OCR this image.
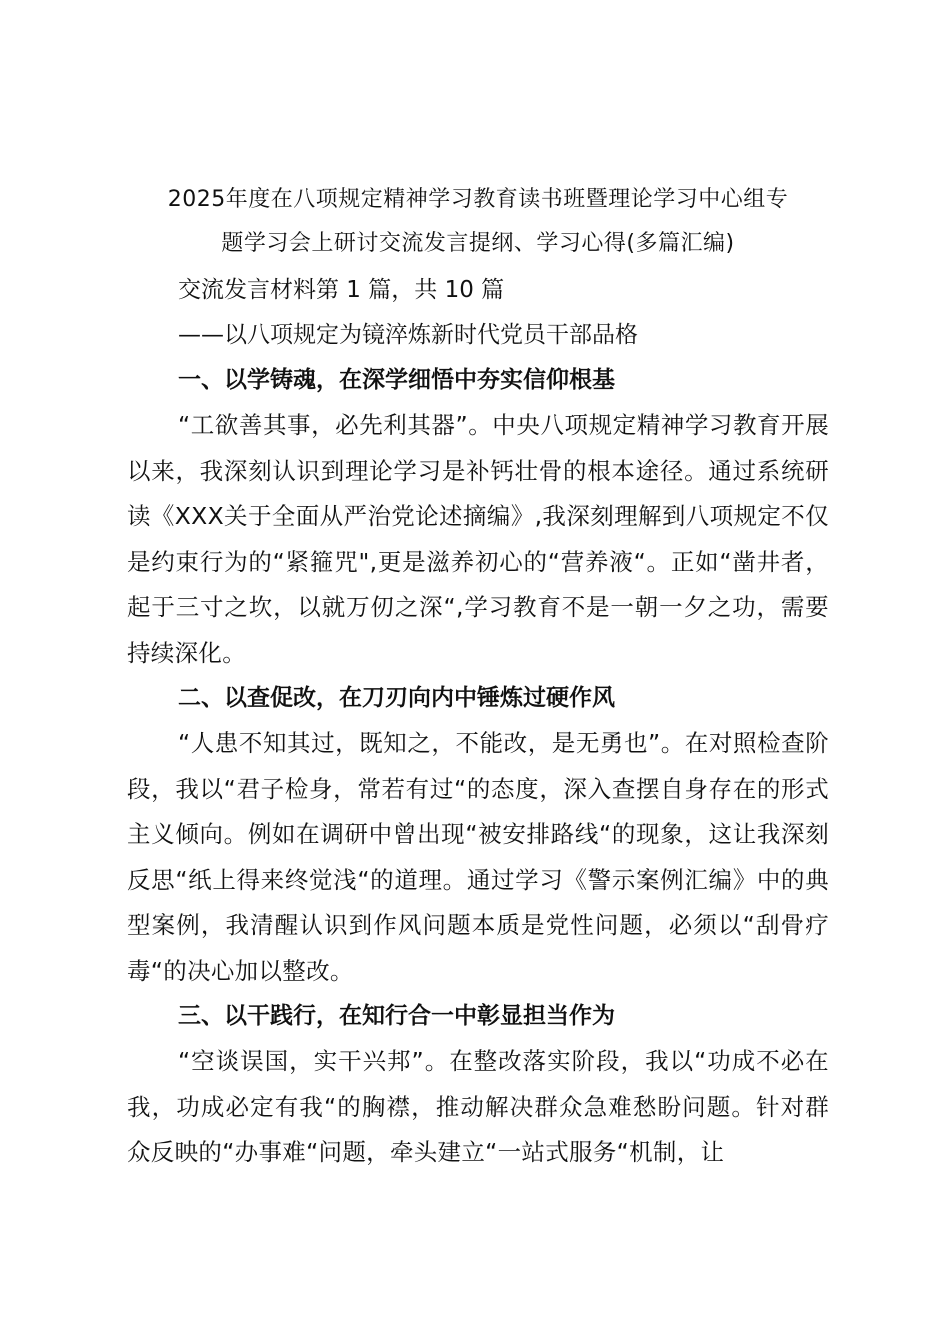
2025年度在八项规定精神学习教育读书班暨理论学习中心组专
题学习会上研讨交流发言提纲、学习心得(多篇汇编)

交流发言材料第 1 篇，共 10 篇

——以八项规定为镜淬炼新时代党员干部品格

一、以学铸魂，在深学细悟中夯实信仰根基

“工欲善其事，必先利其器”。中央八项规定精神学习教育开展以来，我深刻认识到理论学习是补钙壮骨的根本途径。通过系统研读《XXX关于全面从严治党论述摘编》,我深刻理解到八项规定不仅是约束行为的“紧箍咒",更是滋养初心的“营养液“。正如“凿井者，起于三寸之坎，以就万仞之深“,学习教育不是一朝一夕之功，需要持续深化。

二、以查促改，在刀刃向内中锤炼过硬作风

“人患不知其过，既知之，不能改，是无勇也”。在对照检查阶段，我以“君子检身，常若有过“的态度，深入查摆自身存在的形式主义倾向。例如在调研中曾出现“被安排路线“的现象，这让我深刻反思“纸上得来终觉浅“的道理。通过学习《警示案例汇编》中的典型案例，我清醒认识到作风问题本质是党性问题，必须以“刮骨疗毒“的决心加以整改。

三、以干践行，在知行合一中彰显担当作为

“空谈误国，实干兴邦”。在整改落实阶段，我以“功成不必在我，功成必定有我“的胸襟，推动解决群众急难愁盼问题。针对群众反映的“办事难“问题，牵头建立“一站式服务“机制，让
